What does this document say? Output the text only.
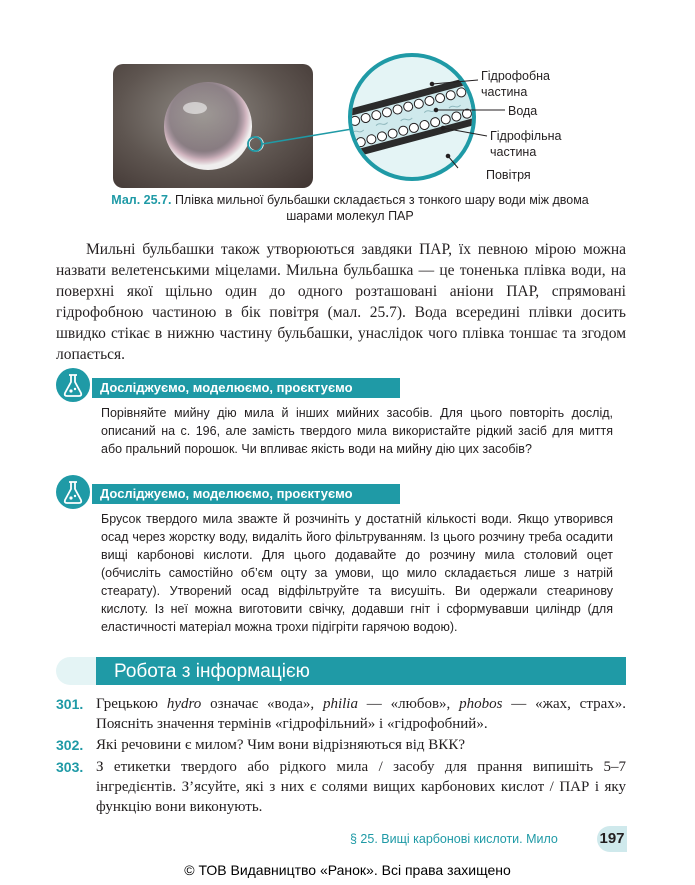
Гідрофобна
частина
Вода
Гідрофільна
частина
Повітря
Мал. 25.7. Плівка мильної бульбашки складається з тонкого шару води між двома шарами молекул ПАР

Мильні бульбашки також утворюються завдяки ПАР, їх певною мірою можна назвати велетенськими міцелами. Мильна бульбашка — це тоненька плівка води, на поверхні якої щільно один до одного розташовані аніони ПАР, спрямовані гідрофобною частиною в бік повітря (мал. 25.7). Вода всередині плівки досить швидко стікає в нижню частину бульбашки, унаслідок чого плівка тоншає та згодом лопається.

Досліджуємо, моделюємо, проєктуємо

Порівняйте мийну дію мила й інших мийних засобів. Для цього повторіть дослід, описаний на с. 196, але замість твердого мила використайте рідкий засіб для миття або пральний порошок. Чи впливає якість води на мийну дію цих засобів?

Досліджуємо, моделюємо, проєктуємо

Брусок твердого мила зважте й розчиніть у достатній кількості води. Якщо утворився осад через жорстку воду, видаліть його фільтруванням. Із цього розчину треба осадити вищі карбонові кислоти. Для цього додавайте до розчину мила столовий оцет (обчисліть самостійно об’єм оцту за умови, що мило складається лише з натрій стеарату). Утворений осад відфільтруйте та висушіть. Ви одержали стеаринову кислоту. Із неї можна виготовити свічку, додавши гніт і сформувавши циліндр (для еластичності матеріал можна трохи підігріти гарячою водою).

Робота з інформацією
301. Грецькою hydro означає «вода», philia — «любов», phobos — «жах, страх». Поясніть значення термінів «гідрофільний» і «гідрофобний».
302. Які речовини є милом? Чим вони відрізняються від ВКК?
303. З етикетки твердого або рідкого мила / засобу для прання випишіть 5–7 інгредієнтів. З’ясуйте, які з них є солями вищих карбонових кислот / ПАР і яку функцію вони виконують.
§ 25. Вищі карбонові кислоти. Мило	197
© ТОВ Видавництво «Ранок». Всі права захищено
